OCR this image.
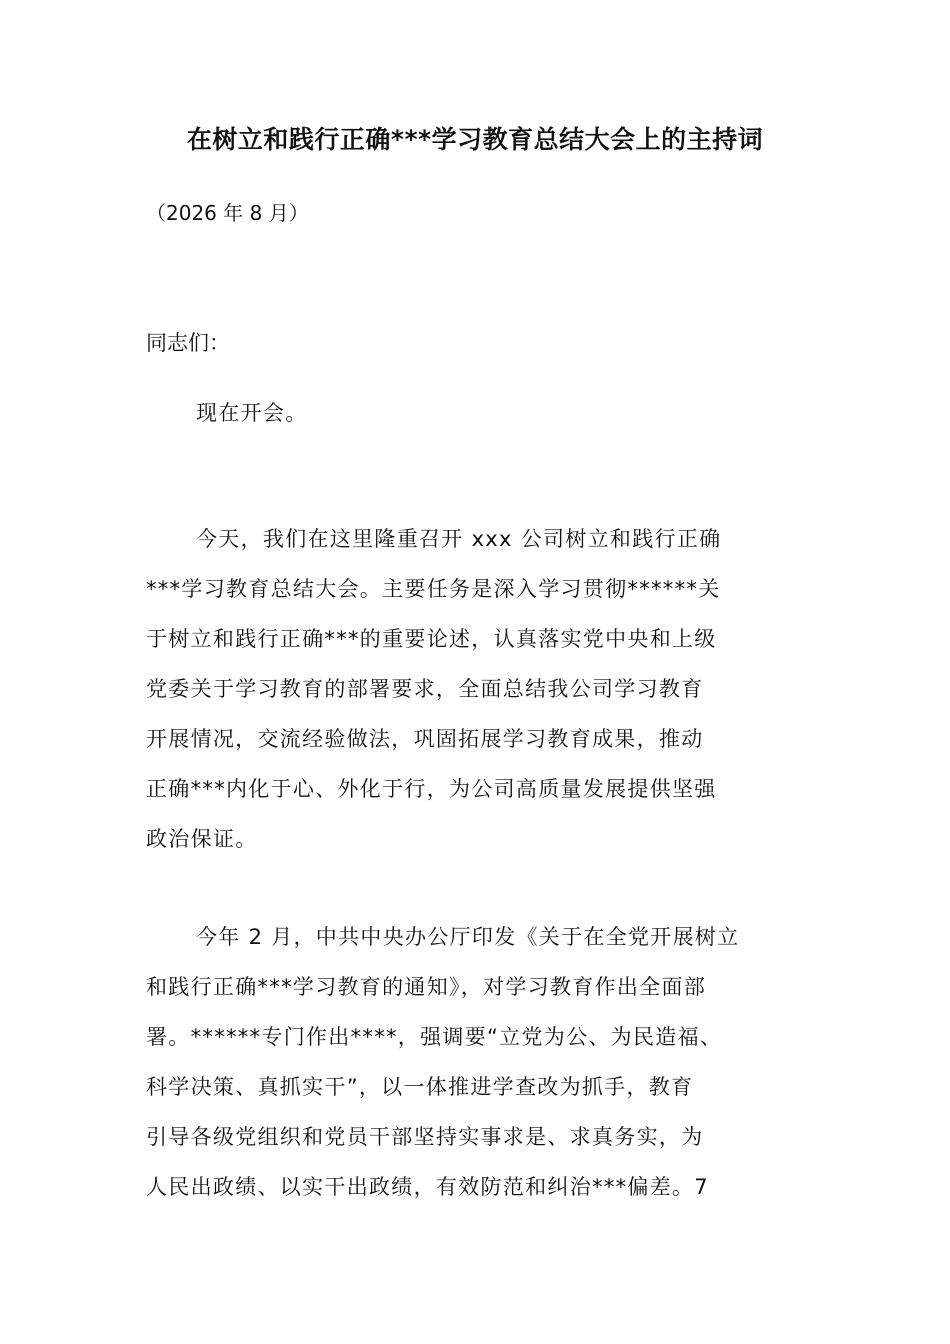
在树立和践行正确***学习教育总结大会上的主持词
（2026 年 8 月）
同志们：
现在开会。
今天，我们在这里隆重召开 xxx 公司树立和践行正确
***学习教育总结大会。主要任务是深入学习贯彻******关
于树立和践行正确***的重要论述，认真落实党中央和上级
党委关于学习教育的部署要求，全面总结我公司学习教育
开展情况，交流经验做法，巩固拓展学习教育成果，推动
正确***内化于心、外化于行，为公司高质量发展提供坚强
政治保证。
今年 2 月，中共中央办公厅印发《关于在全党开展树立
和践行正确***学习教育的通知》，对学习教育作出全面部
署。******专门作出****，强调要“立党为公、为民造福、
科学决策、真抓实干”，以一体推进学查改为抓手，教育
引导各级党组织和党员干部坚持实事求是、求真务实，为
人民出政绩、以实干出政绩，有效防范和纠治***偏差。7
